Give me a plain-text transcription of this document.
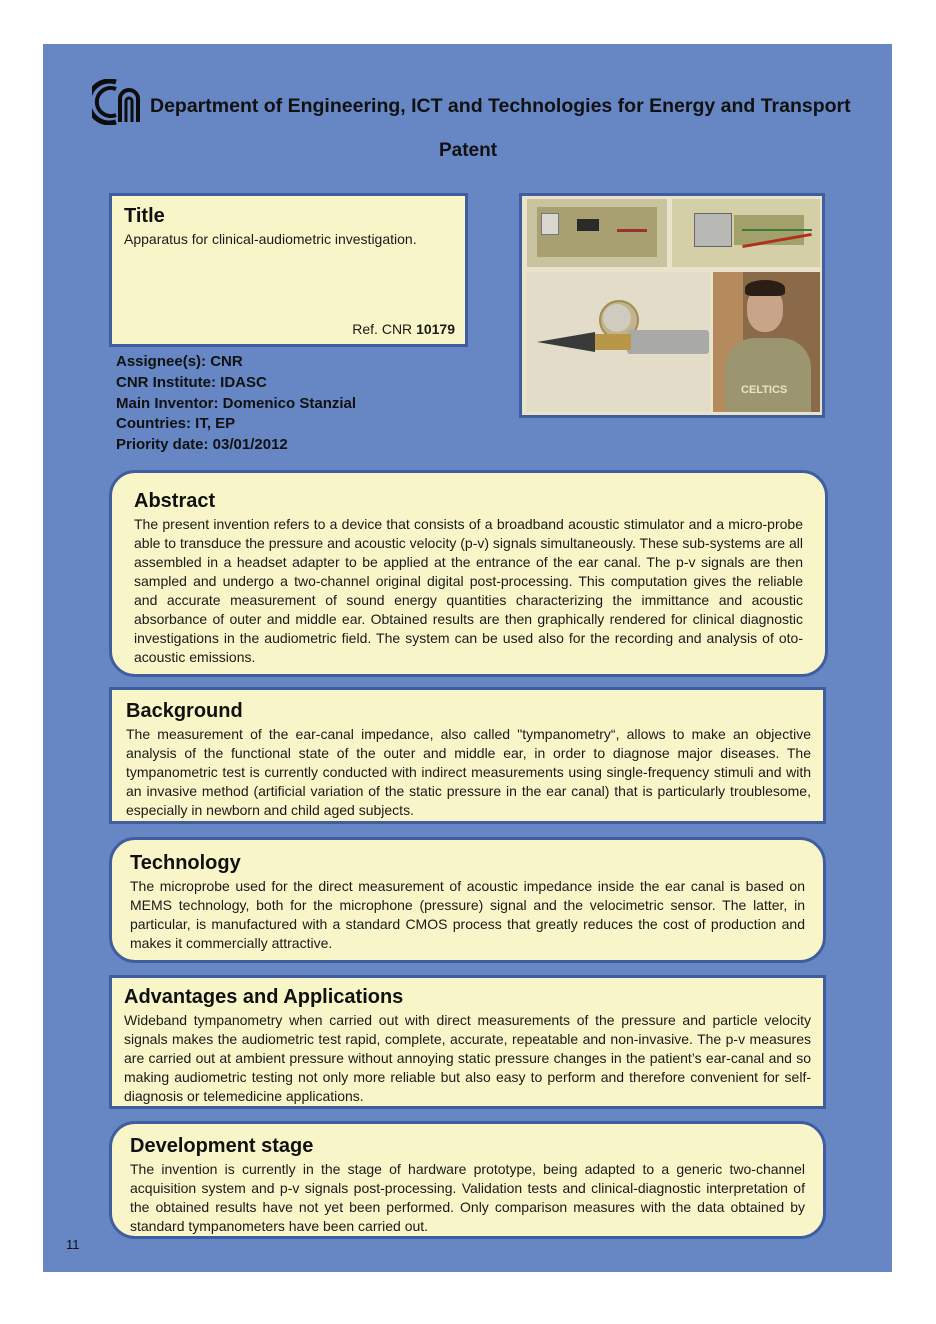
Department of Engineering, ICT and Technologies for Energy and Transport
Patent
Title

Apparatus for clinical-audiometric investigation.

Ref. CNR 10179
Assignee(s): CNR
CNR Institute: IDASC
Main Inventor: Domenico Stanzial
Countries: IT, EP
Priority date: 03/01/2012
CELTICS
Abstract

The present invention refers to a device that consists of a broadband acoustic stimulator and a micro-probe able to transduce the pressure and acoustic velocity (p-v) signals simultaneously. These sub-systems are all assembled in a headset adapter to be applied at the entrance of the ear canal. The p-v signals are then sampled and undergo a two-channel original digital post-processing. This computation gives the reliable and accurate measurement of sound energy quantities characterizing the immittance and acoustic absorbance of outer and middle ear. Obtained results are then graphically rendered for clinical diagnostic investigations in the audiometric field. The system can be used also for the recording and analysis of oto-acoustic emissions.

Background

The measurement of the ear-canal impedance, also called "tympanometry“, allows to make an objective analysis of the functional state of the outer and middle ear, in order to diagnose major diseases. The tympanometric test is currently conducted with indirect measurements using single-frequency stimuli and with an invasive method (artificial variation of the static pressure in the ear canal) that is particularly troublesome, especially in newborn and child aged subjects.

Technology

The microprobe used for the direct measurement of acoustic impedance inside the ear canal is based on MEMS technology, both for the microphone (pressure) signal and the velocimetric sensor. The latter, in particular, is manufactured with a standard CMOS process that greatly reduces the cost of production and makes it commercially attractive.

Advantages and Applications

Wideband tympanometry when carried out with direct measurements of the pressure and particle velocity signals makes the audiometric test rapid, complete, accurate, repeatable and non-invasive. The p-v measures are carried out at ambient pressure without annoying static pressure changes in the patient’s ear-canal and so making audiometric testing not only more reliable but also easy to perform and therefore convenient for self-diagnosis or telemedicine applications.

Development stage

The invention is currently in the stage of hardware prototype, being adapted to a generic two-channel acquisition system and p-v signals post-processing. Validation tests and clinical-diagnostic interpretation of the obtained results have not yet been performed. Only comparison measures with the data obtained by standard tympanometers have been carried out.

11
